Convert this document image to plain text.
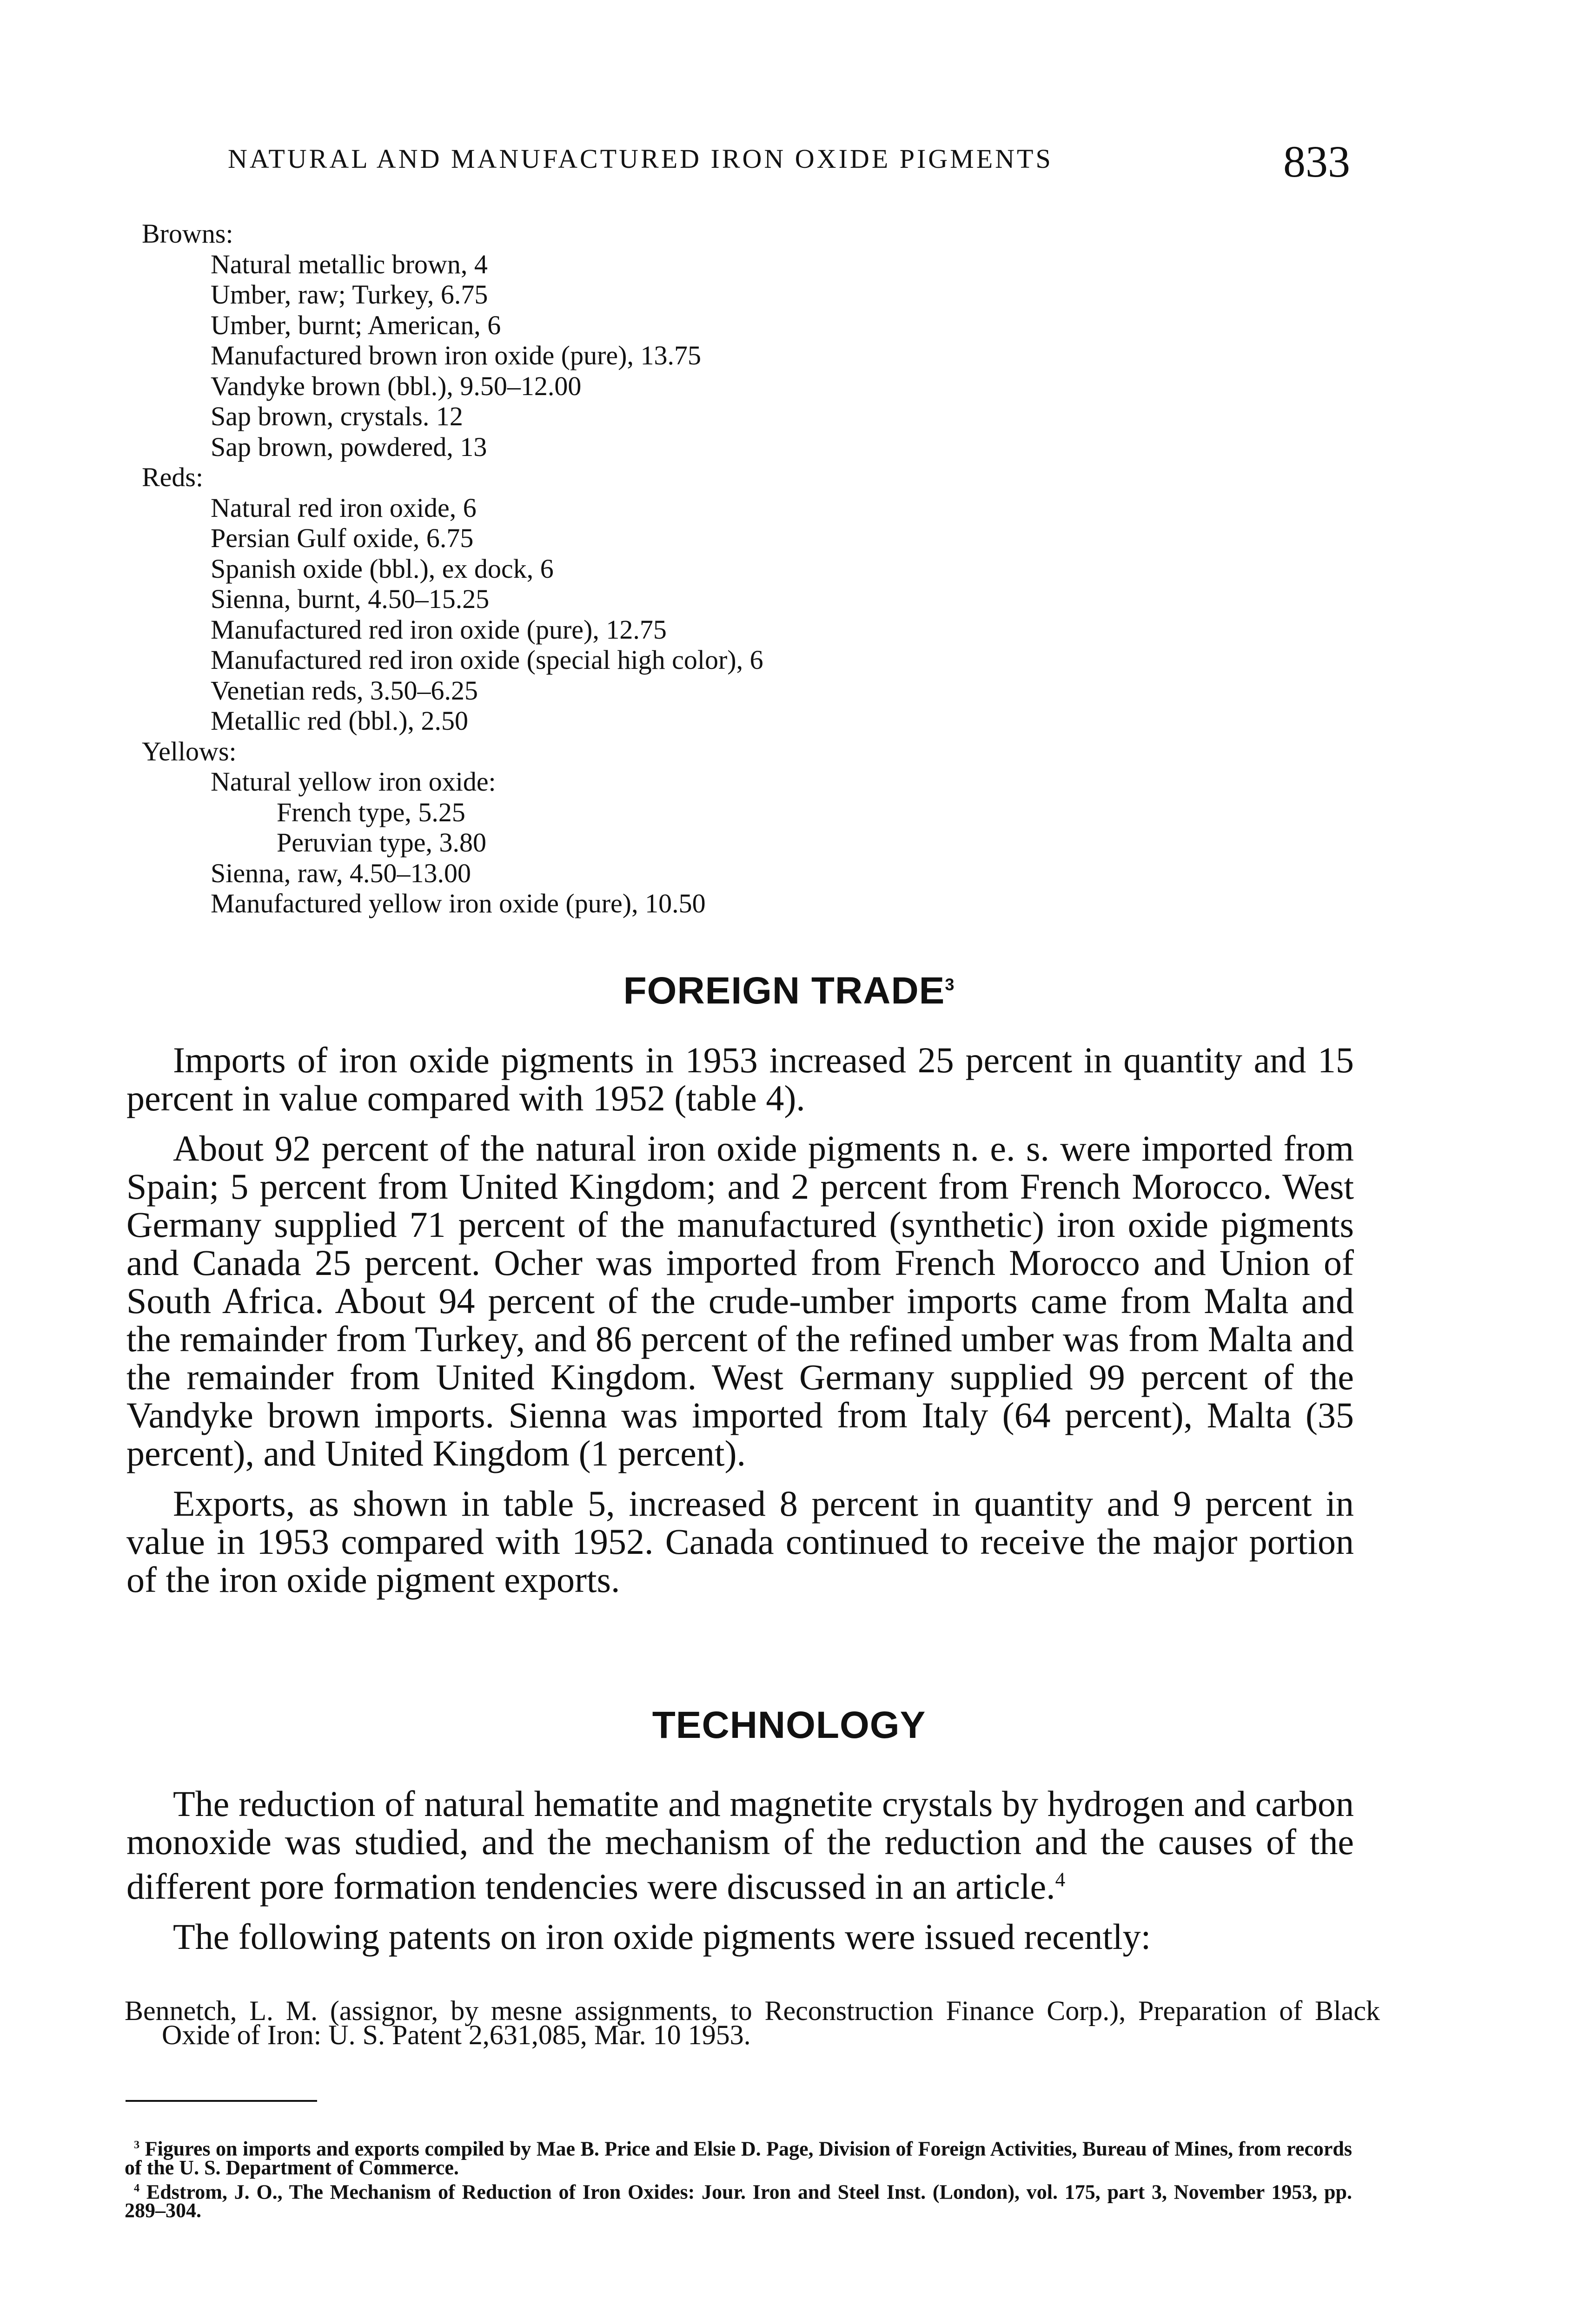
NATURAL AND MANUFACTURED IRON OXIDE PIGMENTS	833
Browns:
Natural metallic brown, 4
Umber, raw; Turkey, 6.75
Umber, burnt; American, 6
Manufactured brown iron oxide (pure), 13.75
Vandyke brown (bbl.), 9.50–12.00
Sap brown, crystals. 12
Sap brown, powdered, 13
Reds:
Natural red iron oxide, 6
Persian Gulf oxide, 6.75
Spanish oxide (bbl.), ex dock, 6
Sienna, burnt, 4.50–15.25
Manufactured red iron oxide (pure), 12.75
Manufactured red iron oxide (special high color), 6
Venetian reds, 3.50–6.25
Metallic red (bbl.), 2.50
Yellows:
Natural yellow iron oxide:
French type, 5.25
Peruvian type, 3.80
Sienna, raw, 4.50–13.00
Manufactured yellow iron oxide (pure), 10.50
FOREIGN TRADE$^3$

Imports of iron oxide pigments in 1953 increased 25 percent in quantity and 15 percent in value compared with 1952 (table 4).

About 92 percent of the natural iron oxide pigments n. e. s. were imported from Spain; 5 percent from United Kingdom; and 2 percent from French Morocco. West Germany supplied 71 percent of the manufactured (synthetic) iron oxide pigments and Canada 25 percent. Ocher was imported from French Morocco and Union of South Africa. About 94 percent of the crude-umber imports came from Malta and the remainder from Turkey, and 86 percent of the refined umber was from Malta and the remainder from United Kingdom. West Germany supplied 99 percent of the Vandyke brown imports. Sienna was imported from Italy (64 percent), Malta (35 percent), and United Kingdom (1 percent).

Exports, as shown in table 5, increased 8 percent in quantity and 9 percent in value in 1953 compared with 1952. Canada continued to receive the major portion of the iron oxide pigment exports.

TECHNOLOGY

The reduction of natural hematite and magnetite crystals by hydrogen and carbon monoxide was studied, and the mechanism of the reduction and the causes of the different pore formation tendencies were discussed in an article.$^4$

The following patents on iron oxide pigments were issued recently:

Bennetch, L. M. (assignor, by mesne assignments, to Reconstruction Finance Corp.), Preparation of Black Oxide of Iron: U. S. Patent 2,631,085, Mar. 10 1953.
$^3$ Figures on imports and exports compiled by Mae B. Price and Elsie D. Page, Division of Foreign Activities, Bureau of Mines, from records of the U. S. Department of Commerce.
$^4$ Edstrom, J. O., The Mechanism of Reduction of Iron Oxides: Jour. Iron and Steel Inst. (London), vol. 175, part 3, November 1953, pp. 289–304.
